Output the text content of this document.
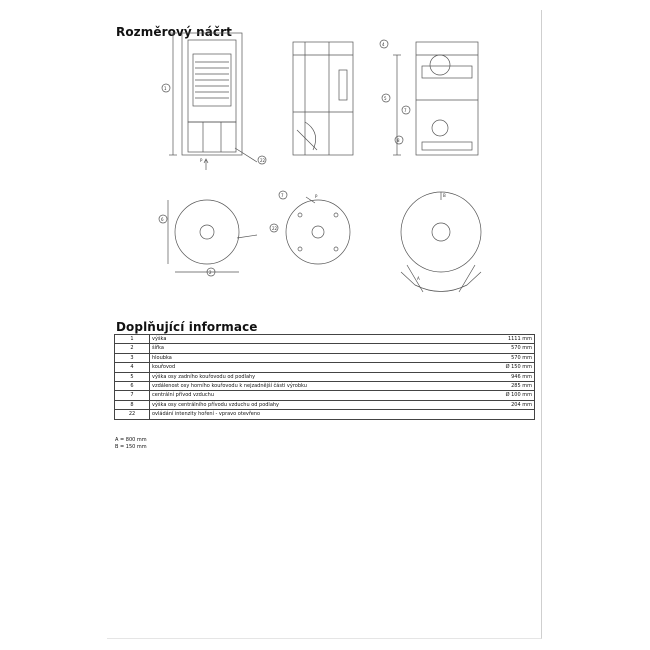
Rozměrový náčrt
1
22
P
4
5
7
8
6
2
22
7	P	B
A
Doplňující informace
1	výška	1111 mm
2	šířka	570 mm
3	hloubka	570 mm
4	kouřovod	Ø 150 mm
5	výška osy zadního kouřovodu od podlahy	946 mm
6	vzdálenost osy horního kouřovodu k nejzadnější části výrobku	285 mm
7	centrální přívod vzduchu	Ø 100 mm
8	výška osy centrálního přívodu vzduchu od podlahy	204 mm
22	ovládání intenzity hoření - vpravo otevřeno	
A = 800 mm
B = 150 mm
